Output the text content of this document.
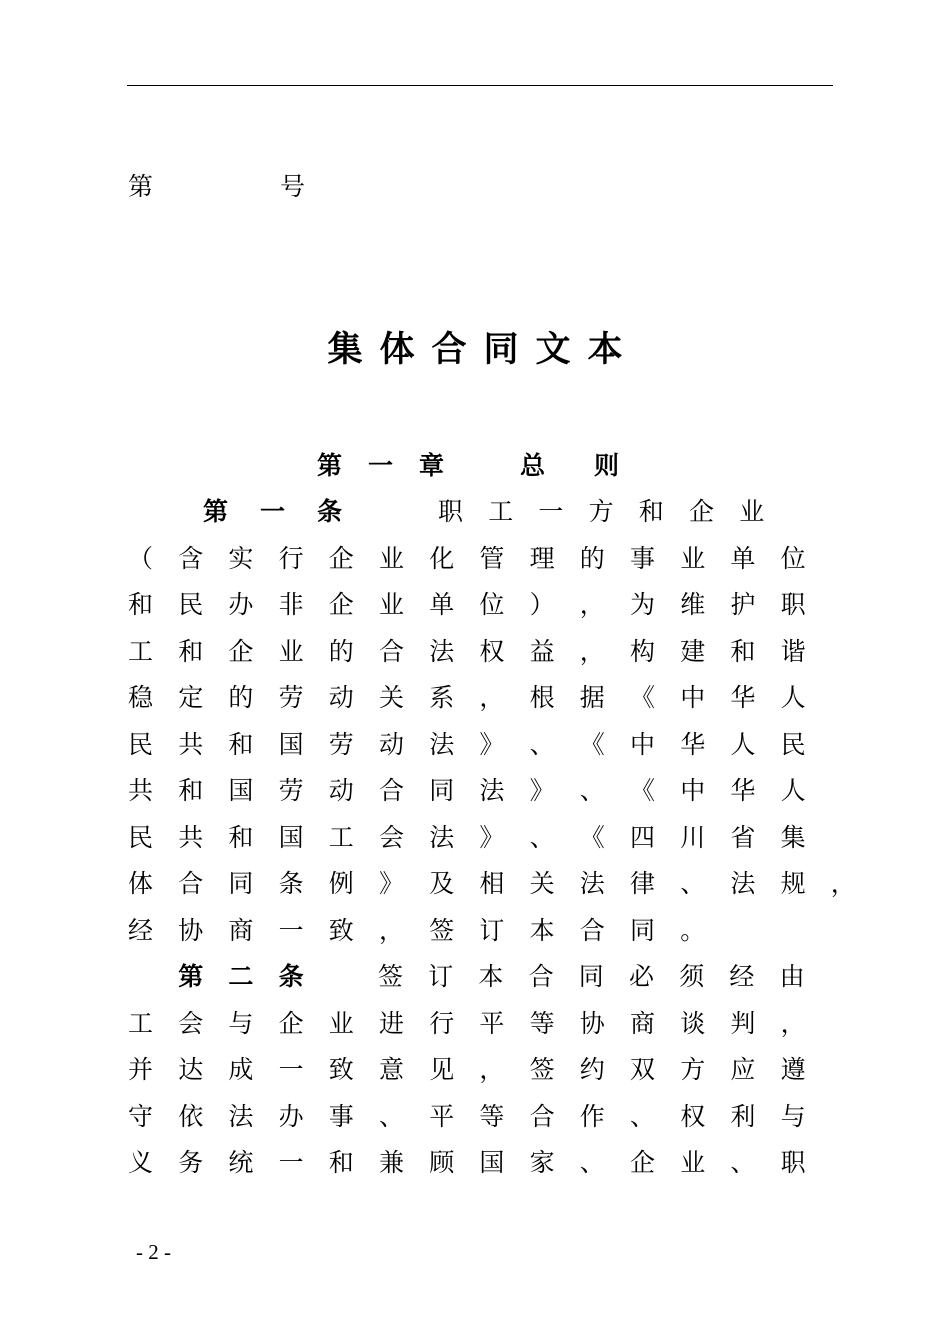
第	号
集体合同文本
第一章 总则
第 一 条	职 工 一 方 和 企 业
（ 含 实 行 企 业 化 管 理 的 事 业 单 位
和 民 办 非 企 业 单 位 ） ， 为 维 护 职
工 和 企 业 的 合 法 权 益 ， 构 建 和 谐
稳 定 的 劳 动 关 系 ， 根 据 《 中 华 人
民 共 和 国 劳 动 法 》 、 《 中 华 人 民
共 和 国 劳 动 合 同 法 》 、 《 中 华 人
民 共 和 国 工 会 法 》 、 《 四 川 省 集
体 合 同 条 例 》 及 相 关 法 律 、 法 规 ，
经 协 商 一 致 ， 签 订 本 合 同 。
第 二 条	签 订 本 合 同 必 须 经 由
工 会 与 企 业 进 行 平 等 协 商 谈 判 ，
并 达 成 一 致 意 见 ， 签 约 双 方 应 遵
守 依 法 办 事 、 平 等 合 作 、 权 利 与
义 务 统 一 和 兼 顾 国 家 、 企 业 、 职
- 2 -
